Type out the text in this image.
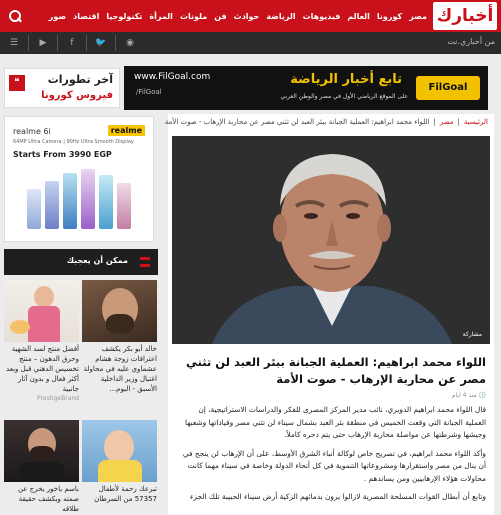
أخبارك
مصر
كورونا
العالم
فيديوهات
الرياضة
حوادث
فن
ملونات
المرأة
تكنولوجيا
اقتصاد
صور
من أخباري.نت
☰	▶	f	🐦	◉
❝	آخر تطورات
فيروس كورونا
FilGoal
تابع أخبار الرياضة
على الموقع الرياضي الأول في مصر والوطن العربي
www.FilGoal.com
/FilGoal
realme
realme 6i
64MP Ultra Camera | 90Hz Ultra Smooth Display
Starts From 3990 EGP
ممكن أن يعجبك
خالد أبو بكر يكشف اعترافات زوجة هشام عشماوي عليه في محاولة اغتيال وزير الداخلية الأسبق - اليوم...
أفضل منتج لسد الشهية وحرق الدهون – منتج تخسيس الدهني قبل وبعد أكثر فعال و بدون آثار جانبية
PrestigeBrand
تبرعك رحمة لأطفال 57357 من السرطان
باسم ياخور يخرج عن صمته ويكشف حقيقة طلاقه
الرئيسية
|
مصر
|
اللواء محمد ابراهيم: العملية الجبانة ببئر العبد لن تثني مصر عن محاربة الإرهاب - صوت الأمة
مشاركة
اللواء محمد ابراهيم: العملية الجبانة ببئر العبد لن تثني مصر عن محاربة الإرهاب - صوت الأمة
🕓 منذ 4 ايام

قال اللواء محمد ابراهيم الدويري، نائب مدير المركز المصرى للفكر والدراسات الاستراتيجية، إن العملية الجبانة التي وقعت الخميس في منطقة بئر العبد بشمال سيناء لن تثني مصر وقياداتها وشعبها وجيشها وشرطتها عن مواصلة محاربة الإرهاب حتى يتم دحره كاملاً.

وأكد اللواء محمد ابراهيم، في تصريح خاص لوكالة أنباء الشرق الأوسط، على أن الإرهاب لن ينجح في أن ينال من مصر واستقرارها ومشروعاتها التنموية في كل أنحاء الدولة وخاصة في سيناء مهما كانت محاولات هؤلاء الإرهابيين ومن يساندهم .

وتابع أن أبطال القوات المسلحة المصرية لازالوا يرون بدمائهم الزكية أرض سيناء الحبيبة تلك الجزء
